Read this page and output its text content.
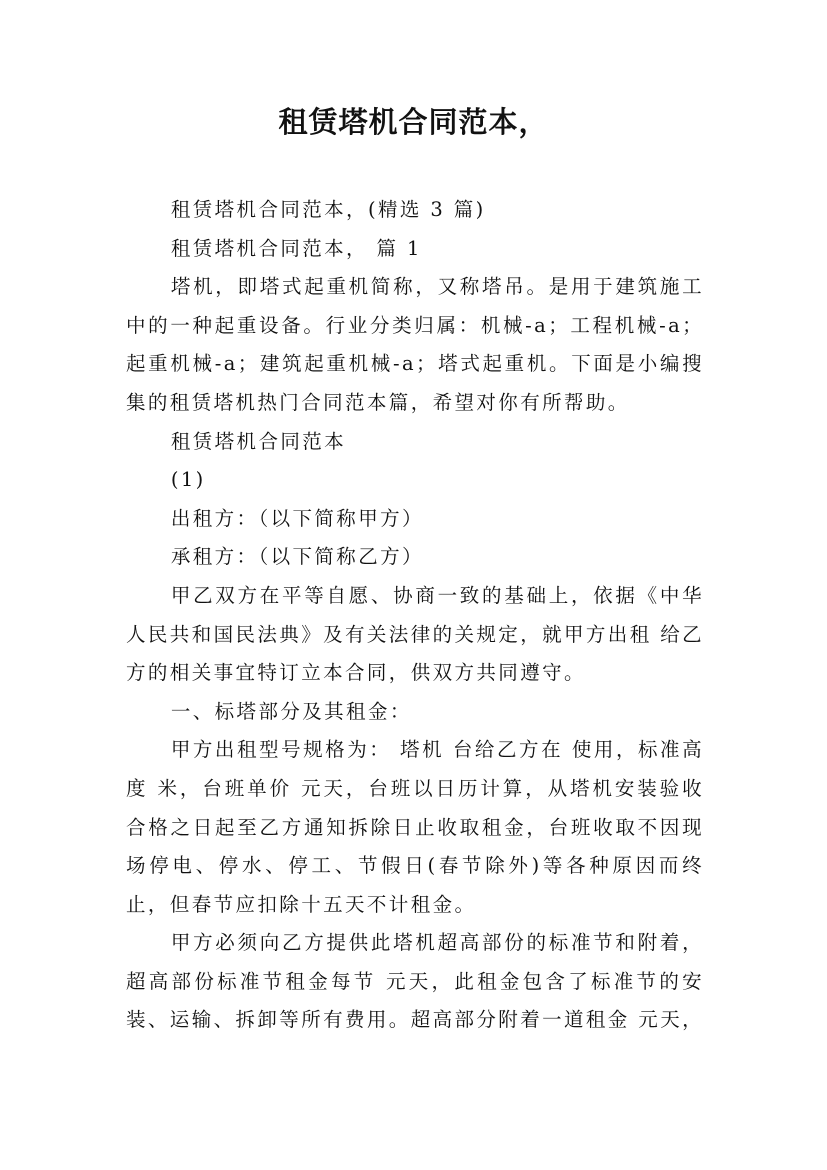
租赁塔机合同范本，

租赁塔机合同范本，(精选 3 篇)

租赁塔机合同范本， 篇 1

塔机，即塔式起重机简称，又称塔吊。是用于建筑施工中的一种起重设备。行业分类归属：机械-a；工程机械-a；起重机械-a；建筑起重机械-a；塔式起重机。下面是小编搜集的租赁塔机热门合同范本篇，希望对你有所帮助。

租赁塔机合同范本

(1)

出租方：（以下简称甲方）

承租方：（以下简称乙方）

甲乙双方在平等自愿、协商一致的基础上，依据《中华人民共和国民法典》及有关法律的关规定，就甲方出租 给乙方的相关事宜特订立本合同，供双方共同遵守。

一、标塔部分及其租金：

甲方出租型号规格为： 塔机 台给乙方在 使用，标准高度 米，台班单价 元天，台班以日历计算，从塔机安装验收合格之日起至乙方通知拆除日止收取租金，台班收取不因现场停电、停水、停工、节假日(春节除外)等各种原因而终止，但春节应扣除十五天不计租金。

甲方必须向乙方提供此塔机超高部份的标准节和附着，超高部份标准节租金每节 元天，此租金包含了标准节的安装、运输、拆卸等所有费用。超高部分附着一道租金 元天，
